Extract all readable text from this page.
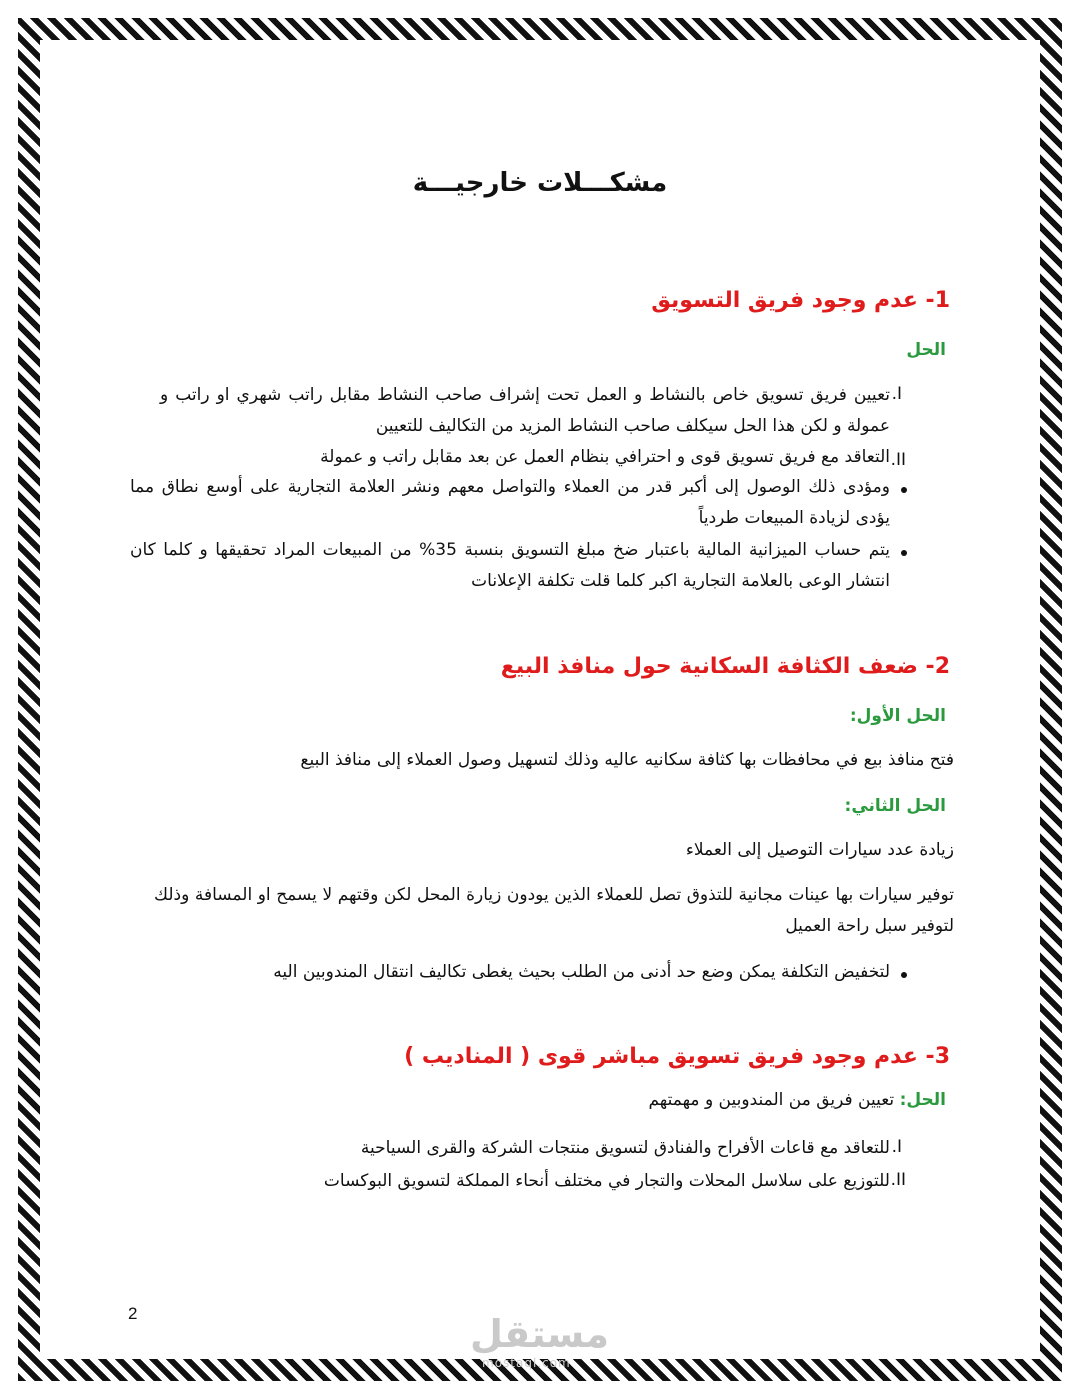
مشكـــلات خارجيـــة
1- عدم وجود فريق التسويق
الحل
I.
تعيين فريق تسويق خاص بالنشاط و العمل تحت إشراف صاحب النشاط مقابل راتب شهري او راتب و عمولة و لكن هذا الحل سيكلف صاحب النشاط المزيد من التكاليف للتعيين
II.
التعاقد مع فريق تسويق قوى و احترافي بنظام العمل عن بعد مقابل راتب و عمولة
ومؤدى ذلك الوصول إلى أكبر قدر من العملاء والتواصل معهم ونشر العلامة التجارية على أوسع نطاق مما يؤدى لزيادة المبيعات طردياً
يتم حساب الميزانية المالية باعتبار ضخ مبلغ التسويق بنسبة 35% من المبيعات المراد تحقيقها و كلما كان انتشار الوعى بالعلامة التجارية اكبر كلما قلت تكلفة الإعلانات
2- ضعف الكثافة السكانية حول منافذ البيع
الحل الأول:
فتح منافذ بيع في محافظات بها كثافة سكانيه عاليه وذلك لتسهيل وصول العملاء إلى منافذ البيع
الحل الثاني:
زيادة عدد سيارات التوصيل إلى العملاء
توفير سيارات بها عينات مجانية للتذوق تصل للعملاء الذين يودون زيارة المحل لكن وقتهم لا يسمح او المسافة وذلك لتوفير سبل راحة العميل
لتخفيض التكلفة يمكن وضع حد أدنى من الطلب بحيث يغطى تكاليف انتقال المندوبين اليه
3- عدم وجود فريق تسويق مباشر قوى ( المناديب )
الحل: تعيين فريق من المندوبين و مهمتهم
I.
للتعاقد مع قاعات الأفراح والفنادق لتسويق منتجات الشركة والقرى السياحية
II.
للتوزيع على سلاسل المحلات والتجار في مختلف أنحاء المملكة لتسويق البوكسات
2	مستقل
mostaql.com
